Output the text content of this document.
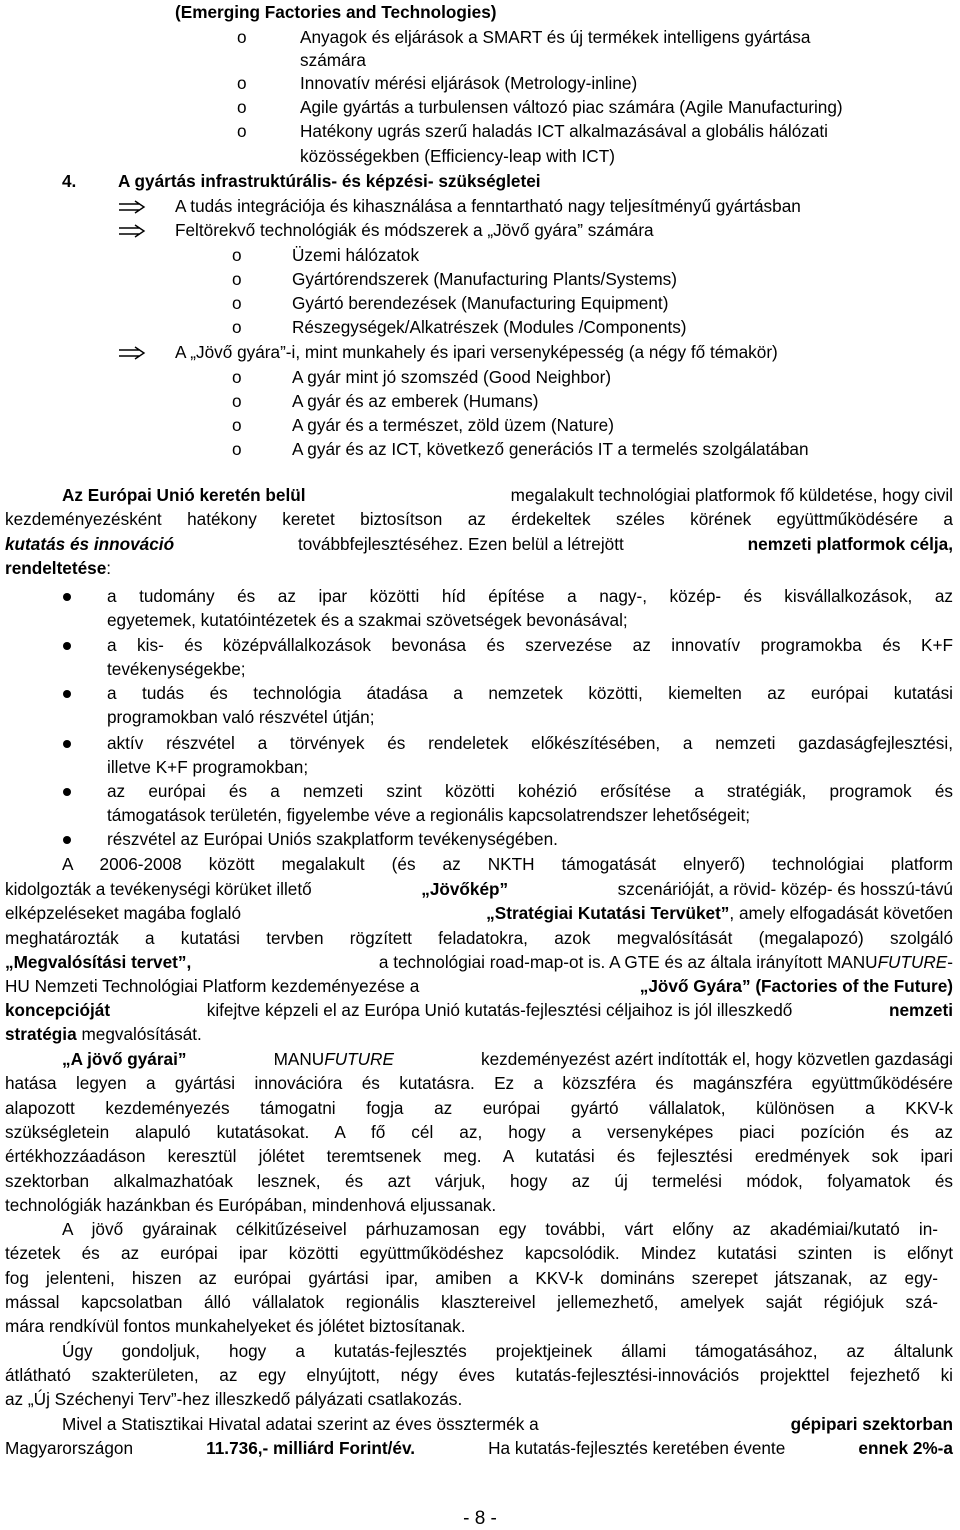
(Emerging Factories and Technologies)
o	Anyagok és eljárások a SMART és új termékek intelligens gyártása
számára
o	Innovatív mérési eljárások (Metrology-inline)
o	Agile gyártás a turbulensen változó piac számára (Agile Manufacturing)
o	Hatékony ugrás szerű haladás ICT alkalmazásával a globális hálózati
közösségekben (Efficiency-leap with ICT)
4. A gyártás infrastruktúrális- és képzési- szükségletei
A tudás integrációja és kihasználása a fenntartható nagy teljesítményű gyártásban
Feltörekvő technológiák és módszerek a „Jövő gyára” számára
o	Üzemi hálózatok
o	Gyártórendszerek (Manufacturing Plants/Systems)
o	Gyártó berendezések (Manufacturing Equipment)
o	Részegységek/Alkatrészek (Modules /Components)
A „Jövő gyára”-i, mint munkahely és ipari versenyképesség (a négy fő témakör)
o	A gyár mint jó szomszéd (Good Neighbor)
o	A gyár és az emberek (Humans)
o	A gyár és a természet, zöld üzem (Nature)
o	A gyár és az ICT, következő generációs IT a termelés szolgálatában
Az Európai Unió keretén belül	megalakult technológiai platformok fő küldetése, hogy civil
kezdeményezésként hatékony keretet biztosítson az érdekeltek széles körének együttműködésére a
kutatás és innováció	továbbfejlesztéséhez. Ezen belül a létrejött	nemzeti platformok célja,
rendeltetése:
a tudomány és az ipar közötti híd építése a nagy-, közép- és kisvállalkozások, az
egyetemek, kutatóintézetek és a szakmai szövetségek bevonásával;
a kis- és középvállalkozások bevonása és szervezése az innovatív programokba és K+F
tevékenységekbe;
a tudás és technológia átadása a nemzetek közötti, kiemelten az európai kutatási
programokban való részvétel útján;
aktív részvétel a törvények és rendeletek előkészítésében, a nemzeti gazdaságfejlesztési,
illetve K+F programokban;
az európai és a nemzeti szint közötti kohézió erősítése a stratégiák, programok és
támogatások területén, figyelembe véve a regionális kapcsolatrendszer lehetőségeit;
részvétel az Európai Uniós szakplatform tevékenységében.
A 2006-2008 között megalakult (és az NKTH támogatását elnyerő) technológiai platform
kidolgozták a tevékenységi körüket illető	„Jövőkép”	szcenárióját, a rövid- közép- és hosszú-távú
elképzeléseket magába foglaló	„Stratégiai Kutatási Tervüket”, amely elfogadását követően
meghatározták a kutatási tervben rögzített feladatokra, azok megvalósítását (megalapozó) szolgáló
„Megvalósítási tervet”,	a technológiai road-map-ot is. A GTE és az általa irányított MANUFUTURE-
HU Nemzeti Technológiai Platform kezdeményezése a	„Jövő Gyára” (Factories of the Future)
koncepcióját	kifejtve képzeli el az Európa Unió kutatás-fejlesztési céljaihoz is jól illeszkedő	nemzeti
stratégia megvalósítását.
„A jövő gyárai”	MANUFUTURE	kezdeményezést azért indították el, hogy közvetlen gazdasági
hatása legyen a gyártási innovációra és kutatásra. Ez a közszféra és magánszféra együttműködésére
alapozott kezdeményezés támogatni fogja az európai gyártó vállalatok, különösen a KKV-k
szükségletein alapuló kutatásokat. A fő cél az, hogy a versenyképes piaci pozíción és az
értékhozzáadáson keresztül jólétet teremtsenek meg. A kutatási és fejlesztési eredmények sok ipari
szektorban alkalmazhatóak lesznek, és azt várjuk, hogy az új termelési módok, folyamatok és
technológiák hazánkban és Európában, mindenhová eljussanak.
A jövő gyárainak célkitűzéseivel párhuzamosan egy további, várt előny az akadémiai/kutató in-
tézetek és az európai ipar közötti együttműködéshez kapcsolódik. Mindez kutatási szinten is előnyt
fog jelenteni, hiszen az európai gyártási ipar, amiben a KKV-k domináns szerepet játszanak, az egy-
mással kapcsolatban álló vállalatok regionális klasztereivel jellemezhető, amelyek saját régiójuk szá-
mára rendkívül fontos munkahelyeket és jólétet biztosítanak.
Úgy gondoljuk, hogy a kutatás-fejlesztés projektjeinek állami támogatásához, az általunk
átlátható szakterületen, az egy elnyújtott, négy éves kutatás-fejlesztési-innovációs projekttel fejezhető ki
az „Új Széchenyi Terv”-hez illeszkedő pályázati csatlakozás.
Mivel a Statisztikai Hivatal adatai szerint az éves össztermék a	gépipari szektorban
Magyarországon	11.736,- milliárd Forint/év.	Ha kutatás-fejlesztés keretében évente	ennek 2%-a
- 8 -
